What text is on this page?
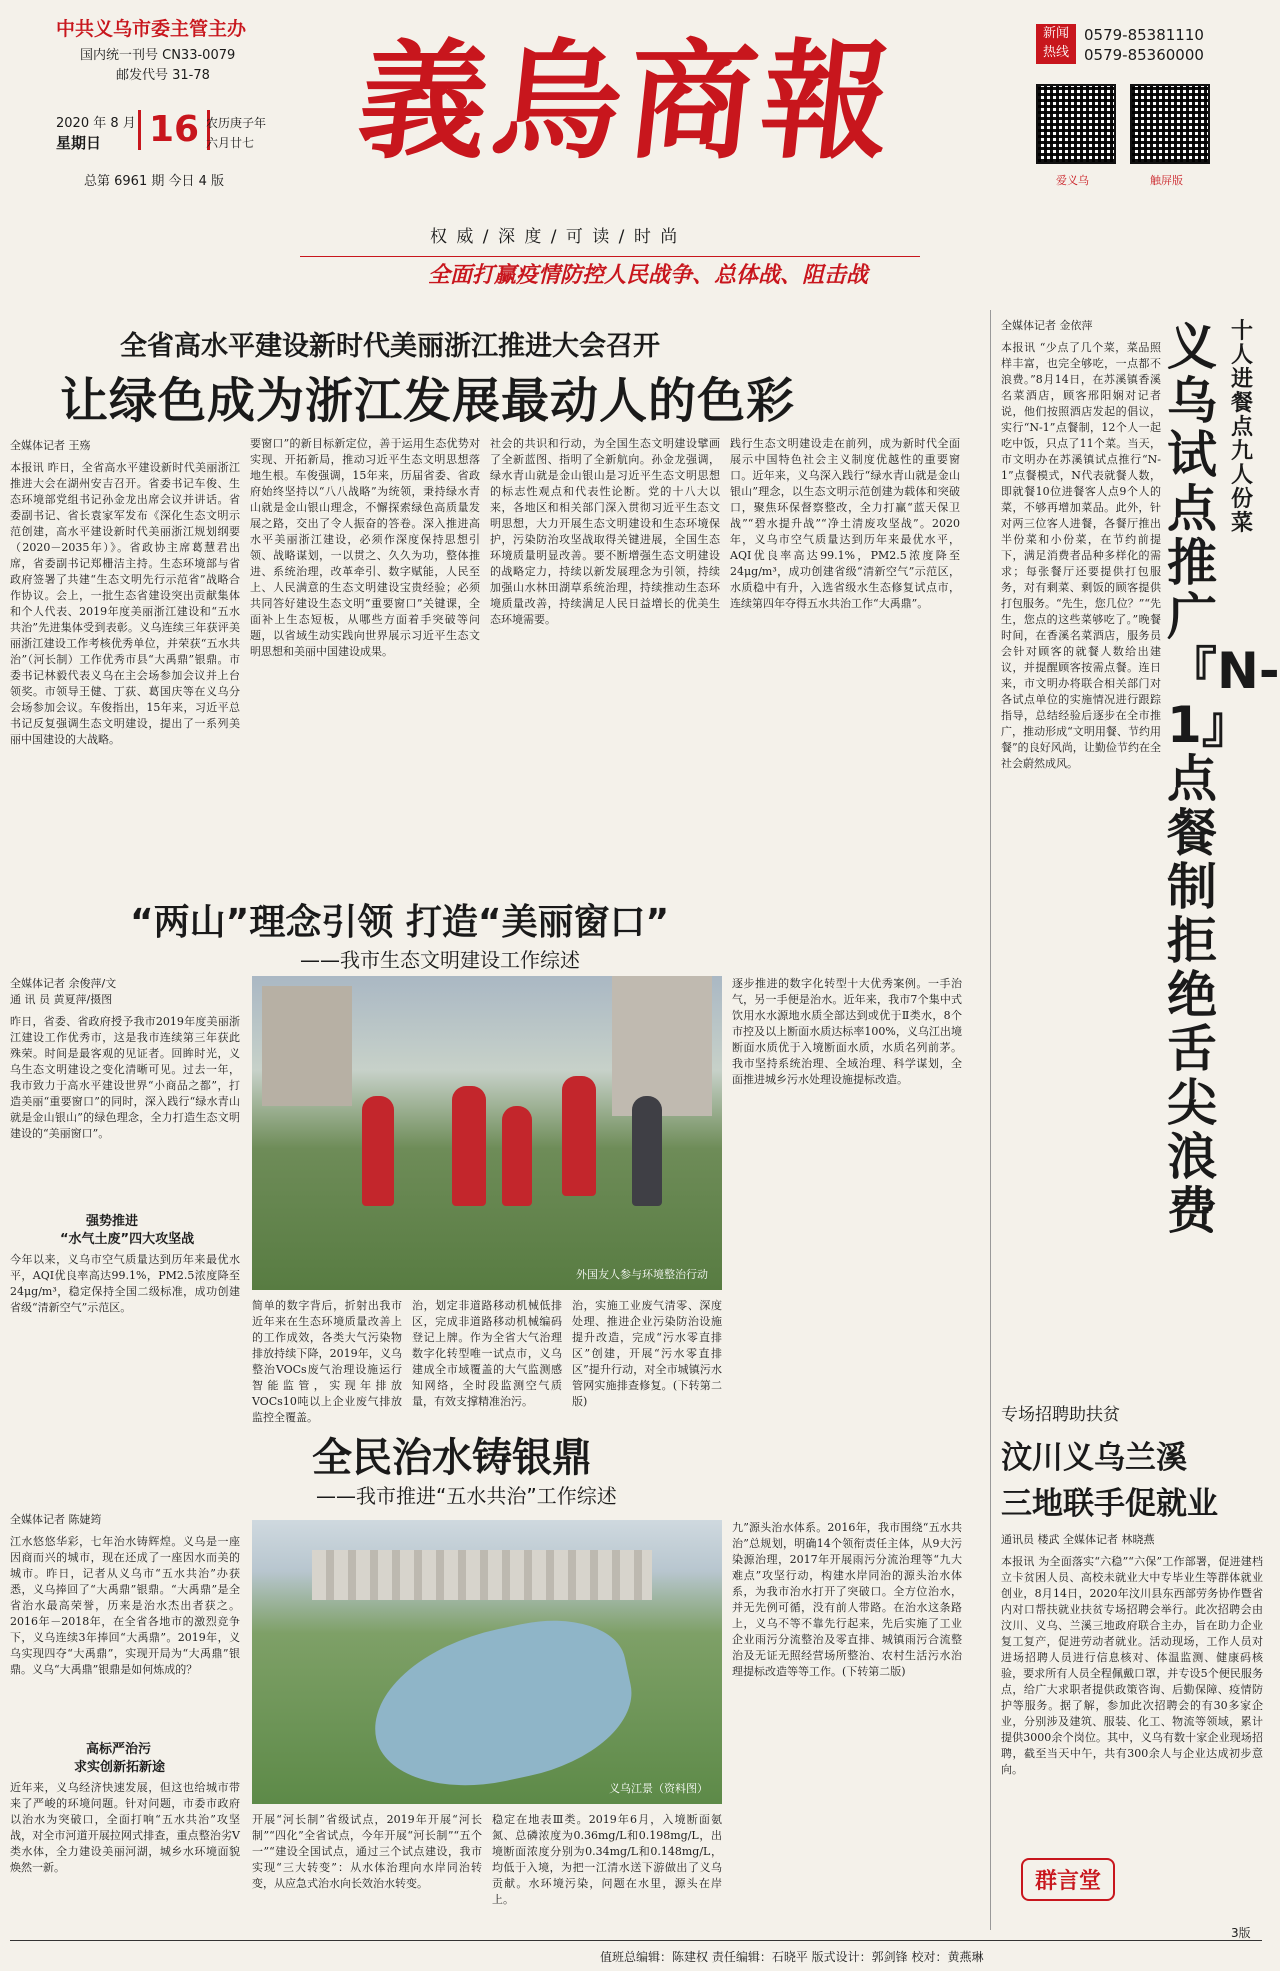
中共义乌市委主管主办
国内统一刊号 CN33-0079
邮发代号 31-78
2020 年 8 月
星期日	16 农历庚子年
六月廿七
总第 6961 期 今日 4 版
義烏商報
权 威 / 深 度 / 可 读 / 时 尚
新闻
热线
0579-85381110
0579-85360000
爱义乌	触屏版
全面打赢疫情防控人民战争、总体战、阻击战
全省高水平建设新时代美丽浙江推进大会召开
让绿色成为浙江发展最动人的色彩
全媒体记者 王殇
本报讯 昨日，全省高水平建设新时代美丽浙江推进大会在湖州安吉召开。省委书记车俊、生态环境部党组书记孙金龙出席会议并讲话。省委副书记、省长袁家军发布《深化生态文明示范创建，高水平建设新时代美丽浙江规划纲要（2020－2035年）》。省政协主席葛慧君出席，省委副书记郑栅洁主持。生态环境部与省政府签署了共建“生态文明先行示范省”战略合作协议。会上，一批生态省建设突出贡献集体和个人代表、2019年度美丽浙江建设和“五水共治”先进集体受到表彰。义乌连续三年获评美丽浙江建设工作考核优秀单位，并荣获“五水共治”（河长制）工作优秀市县“大禹鼎”银鼎。市委书记林毅代表义乌在主会场参加会议并上台领奖。市领导王健、丁荻、葛国庆等在义乌分会场参加会议。车俊指出，15年来，习近平总书记反复强调生态文明建设，提出了一系列美丽中国建设的大战略。
要窗口”的新目标新定位，善于运用生态优势对实现、开拓新局，推动习近平生态文明思想落地生根。车俊强调，15年来，历届省委、省政府始终坚持以“八八战略”为统领，秉持绿水青山就是金山银山理念，不懈探索绿色高质量发展之路，交出了令人振奋的答卷。深入推进高水平美丽浙江建设，必须作深度保持思想引领、战略谋划，一以贯之、久久为功，整体推进、系统治理，改革牵引、数字赋能，人民至上、人民满意的生态文明建设宝贵经验；必须共同答好建设生态文明“重要窗口”关键课，全面补上生态短板，从哪些方面着手突破等问题，以省域生动实践向世界展示习近平生态文明思想和美丽中国建设成果。
社会的共识和行动，为全国生态文明建设擘画了全新蓝图、指明了全新航向。孙金龙强调，绿水青山就是金山银山是习近平生态文明思想的标志性观点和代表性论断。党的十八大以来，各地区和相关部门深入贯彻习近平生态文明思想，大力开展生态文明建设和生态环境保护，污染防治攻坚战取得关键进展，全国生态环境质量明显改善。要不断增强生态文明建设的战略定力，持续以新发展理念为引领，持续加强山水林田湖草系统治理，持续推动生态环境质量改善，持续满足人民日益增长的优美生态环境需要。
践行生态文明建设走在前列，成为新时代全面展示中国特色社会主义制度优越性的重要窗口。近年来，义乌深入践行“绿水青山就是金山银山”理念，以生态文明示范创建为载体和突破口，聚焦环保督察整改，全力打赢“蓝天保卫战”“碧水提升战”“净土清废攻坚战”。2020年，义乌市空气质量达到历年来最优水平，AQI优良率高达99.1%，PM2.5浓度降至24μg/m³，成功创建省级“清新空气”示范区，水质稳中有升，入选省级水生态修复试点市，连续第四年夺得五水共治工作“大禹鼎”。
“两山”理念引领 打造“美丽窗口”
——我市生态文明建设工作综述
全媒体记者 余俊萍/文
通 讯 员 黄夏萍/摄图
昨日，省委、省政府授予我市2019年度美丽浙江建设工作优秀市，这是我市连续第三年获此殊荣。时间是最客观的见证者。回眸时光，义乌生态文明建设之变化清晰可见。过去一年，我市致力于高水平建设世界“小商品之都”，打造美丽“重要窗口”的同时，深入践行“绿水青山就是金山银山”的绿色理念，全力打造生态文明建设的“美丽窗口”。
强势推进
“水气土废”四大攻坚战
今年以来，义乌市空气质量达到历年来最优水平，AQI优良率高达99.1%，PM2.5浓度降至24μg/m³，稳定保持全国二级标准，成功创建省级“清新空气”示范区。
外国友人参与环境整治行动
逐步推进的数字化转型十大优秀案例。一手治气，另一手便是治水。近年来，我市7个集中式饮用水水源地水质全部达到或优于Ⅱ类水，8个市控及以上断面水质达标率100%，义乌江出境断面水质优于入境断面水质，水质名列前茅。我市坚持系统治理、全域治理、科学谋划，全面推进城乡污水处理设施提标改造。
简单的数字背后，折射出我市近年来在生态环境质量改善上的工作成效，各类大气污染物排放持续下降，2019年，义乌整治VOCs废气治理设施运行智能监管，实现年排放VOCs10吨以上企业废气排放监控全覆盖。
治，划定非道路移动机械低排区，完成非道路移动机械编码登记上牌。作为全省大气治理数字化转型唯一试点市，义乌建成全市域覆盖的大气监测感知网络，全时段监测空气质量，有效支撑精准治污。
治，实施工业废气清零、深度处理、推进企业污染防治设施提升改造，完成“污水零直排区”创建，开展“污水零直排区”提升行动，对全市城镇污水管网实施排查修复。(下转第二版)
全民治水铸银鼎
——我市推进“五水共治”工作综述
全媒体记者 陈婕筠
江水悠悠华彩，七年治水铸辉煌。义乌是一座因商而兴的城市，现在还成了一座因水而美的城市。昨日，记者从义乌市“五水共治”办获悉，义乌捧回了“大禹鼎”银鼎。“大禹鼎”是全省治水最高荣誉，历来是治水杰出者获之。2016年－2018年，在全省各地市的激烈竞争下，义乌连续3年捧回“大禹鼎”。2019年，义乌实现四夺“大禹鼎”，实现开局为“大禹鼎”银鼎。义乌“大禹鼎”银鼎是如何炼成的？
高标严治污
求实创新拓新途
近年来，义乌经济快速发展，但这也给城市带来了严峻的环境问题。针对问题，市委市政府以治水为突破口，全面打响“五水共治”攻坚战，对全市河道开展拉网式排查，重点整治劣V类水体，全力建设美丽河湖，城乡水环境面貌焕然一新。
义乌江景（资料图）
开展“河长制”省级试点，2019年开展“河长制”“四化”全省试点，今年开展“河长制”“五个一”“建设全国试点，通过三个试点建设，我市实现“三大转变”：从水体治理向水岸同治转变，从应急式治水向长效治水转变。
稳定在地表Ⅲ类。2019年6月，入境断面氨氮、总磷浓度为0.36mg/L和0.198mg/L，出境断面浓度分别为0.34mg/L和0.148mg/L，均低于入境，为把一江清水送下游做出了义乌贡献。水环境污染，问题在水里，源头在岸上。
九”源头治水体系。2016年，我市围绕“五水共治”总规划，明确14个领衔责任主体，从9大污染源治理，2017年开展雨污分流治理等“九大难点”攻坚行动，构建水岸同治的源头治水体系，为我市治水打开了突破口。全方位治水，并无先例可循，没有前人带路。在治水这条路上，义乌不等不靠先行起来，先后实施了工业企业雨污分流整治及零直排、城镇雨污合流整治及无证无照经营场所整治、农村生活污水治理提标改造等等工作。(下转第二版)
全媒体记者 金依萍	十人进餐点九人份菜
义乌试点推广『N-1』点餐制拒绝舌尖浪费
本报讯 “少点了几个菜，菜品照样丰富，也完全够吃，一点都不浪费。”8月14日，在苏溪镇香溪名菜酒店，顾客邢阳娴对记者说，他们按照酒店发起的倡议，实行“N-1”点餐制，12个人一起吃中饭，只点了11个菜。当天，市文明办在苏溪镇试点推行“N-1”点餐模式，N代表就餐人数，即就餐10位进餐客人点9个人的菜，不够再增加菜品。此外，针对两三位客人进餐，各餐厅推出半份菜和小份菜，在节约前提下，满足消费者品种多样化的需求；每张餐厅还要提供打包服务，对有剩菜、剩饭的顾客提供打包服务。“先生，您几位？”“先生，您点的这些菜够吃了。”晚餐时间，在香溪名菜酒店，服务员会针对顾客的就餐人数给出建议，并提醒顾客按需点餐。连日来，市文明办将联合相关部门对各试点单位的实施情况进行跟踪指导，总结经验后逐步在全市推广，推动形成“文明用餐、节约用餐”的良好风尚，让勤俭节约在全社会蔚然成风。
专场招聘助扶贫
汶川义乌兰溪
三地联手促就业
通讯员 楼武 全媒体记者 林晓燕
本报讯 为全面落实“六稳”“六保”工作部署，促进建档立卡贫困人员、高校未就业大中专毕业生等群体就业创业，8月14日，2020年汶川县东西部劳务协作暨省内对口帮扶就业扶贫专场招聘会举行。此次招聘会由汶川、义乌、兰溪三地政府联合主办，旨在助力企业复工复产，促进劳动者就业。活动现场，工作人员对进场招聘人员进行信息核对、体温监测、健康码核验，要求所有人员全程佩戴口罩，并专设5个便民服务点，给广大求职者提供政策咨询、后勤保障、疫情防护等服务。据了解，参加此次招聘会的有30多家企业，分别涉及建筑、服装、化工、物流等领域，累计提供3000余个岗位。其中，义乌有数十家企业现场招聘，截至当天中午，共有300余人与企业达成初步意向。
群言堂
3版
值班总编辑：陈建权 责任编辑：石晓平 版式设计：郭剑锋 校对：黄燕琳
